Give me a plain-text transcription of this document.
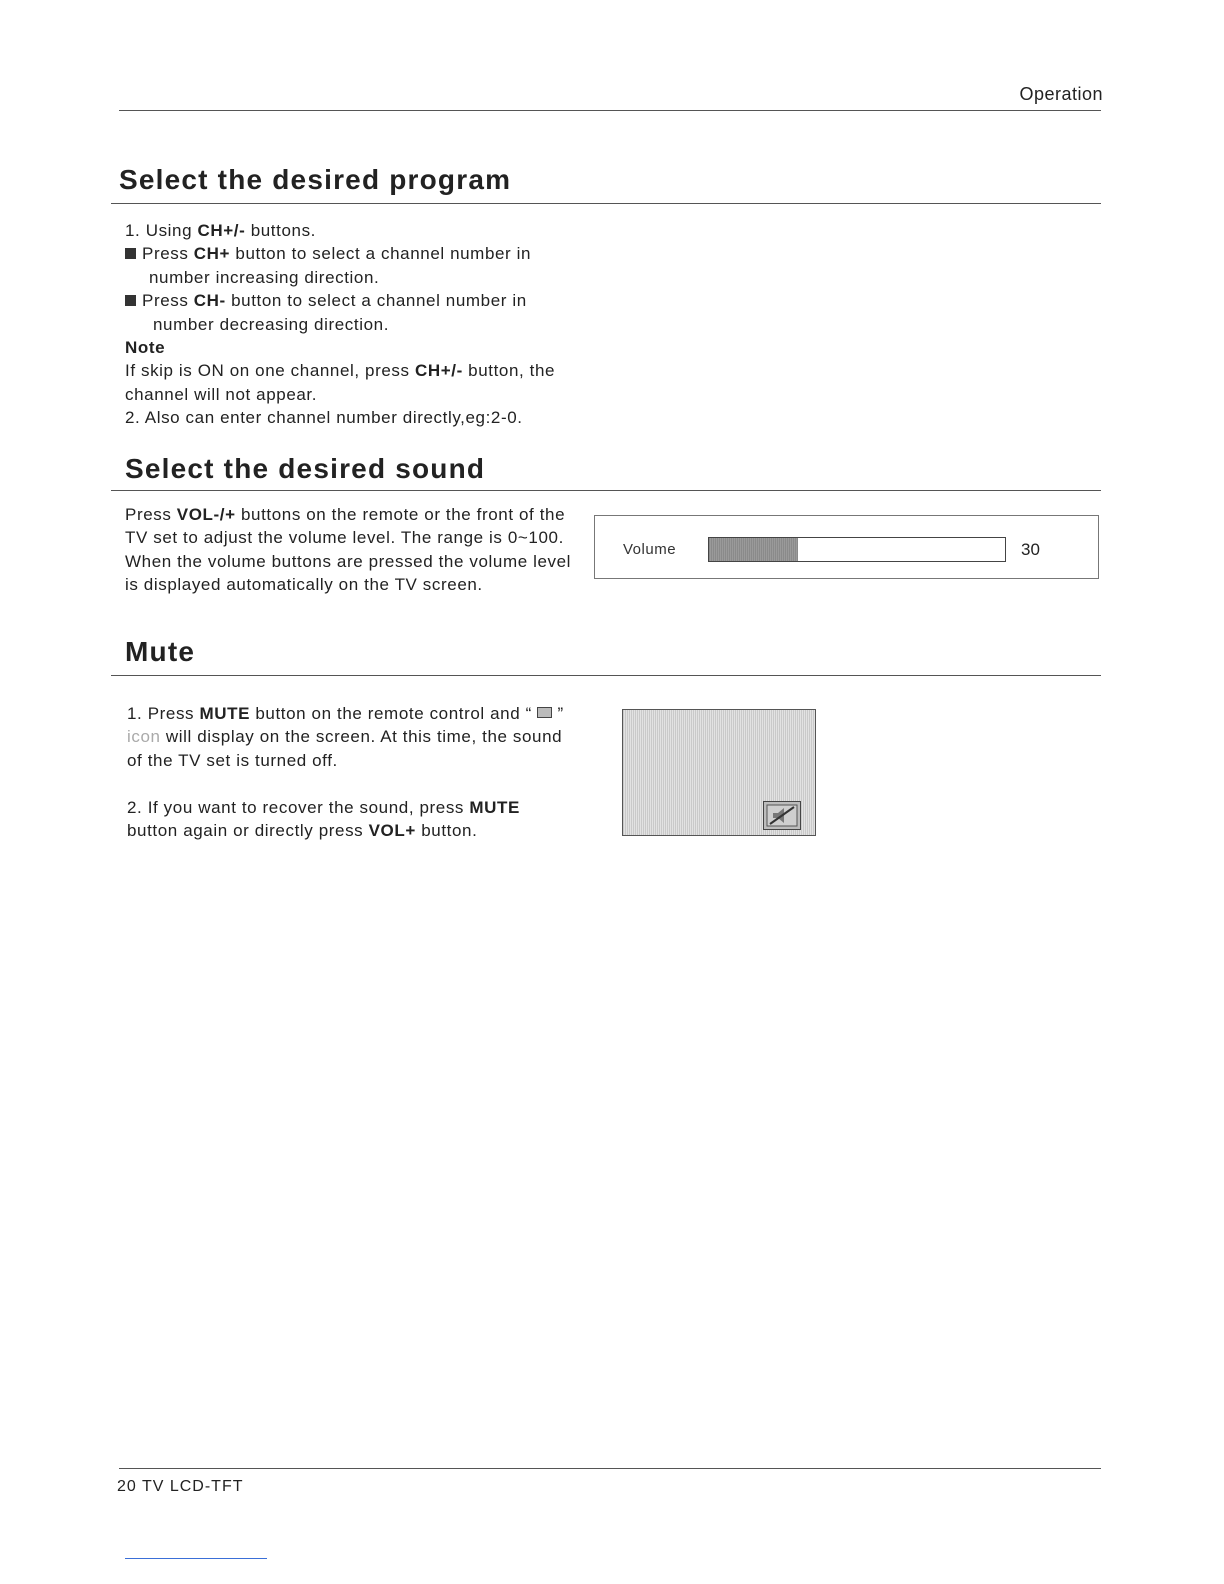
Operation
Select the desired program
1. Using CH+/- buttons.
Press CH+ button to select a channel number in
number increasing direction.
Press CH- button to select a channel number in
number decreasing direction.
Note
If skip is ON on one channel, press CH+/- button, the
channel will not appear.
2. Also can enter channel number directly,eg:2-0.
Select the desired sound
Press VOL-/+ buttons on the remote or the front of the
TV set to adjust the volume level. The range is 0~100.
When the volume buttons are pressed the volume level
is displayed automatically on the TV screen.
Volume	30
Mute
1. Press MUTE button on the remote control and “  ”
icon will display on the screen. At this time, the sound
of the TV set is turned off.
2. If you want to recover the sound, press MUTE
button again or directly press VOL+ button.
20 TV LCD-TFT
